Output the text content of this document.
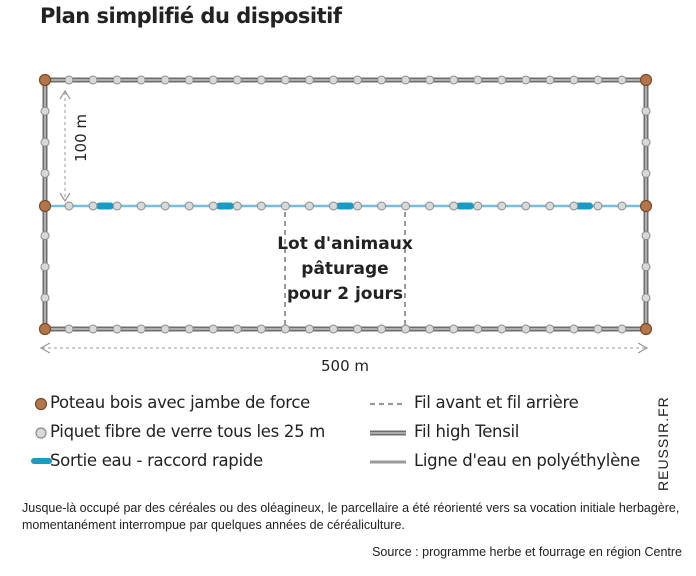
Plan simplifié du dispositif
100 m
500 m
Lot d'animaux
pâturage
pour 2 jours
Poteau bois avec jambe de force
Piquet fibre de verre tous les 25 m
Sortie eau - raccord rapide
Fil avant et fil arrière
Fil high Tensil
Ligne d'eau en polyéthylène REUSSIR.FR
Jusque-là occupé par des céréales ou des oléagineux, le parcellaire a été réorienté vers sa vocation initiale herbagère, momentanément interrompue par quelques années de céréaliculture.
Source : programme herbe et fourrage en région Centre
